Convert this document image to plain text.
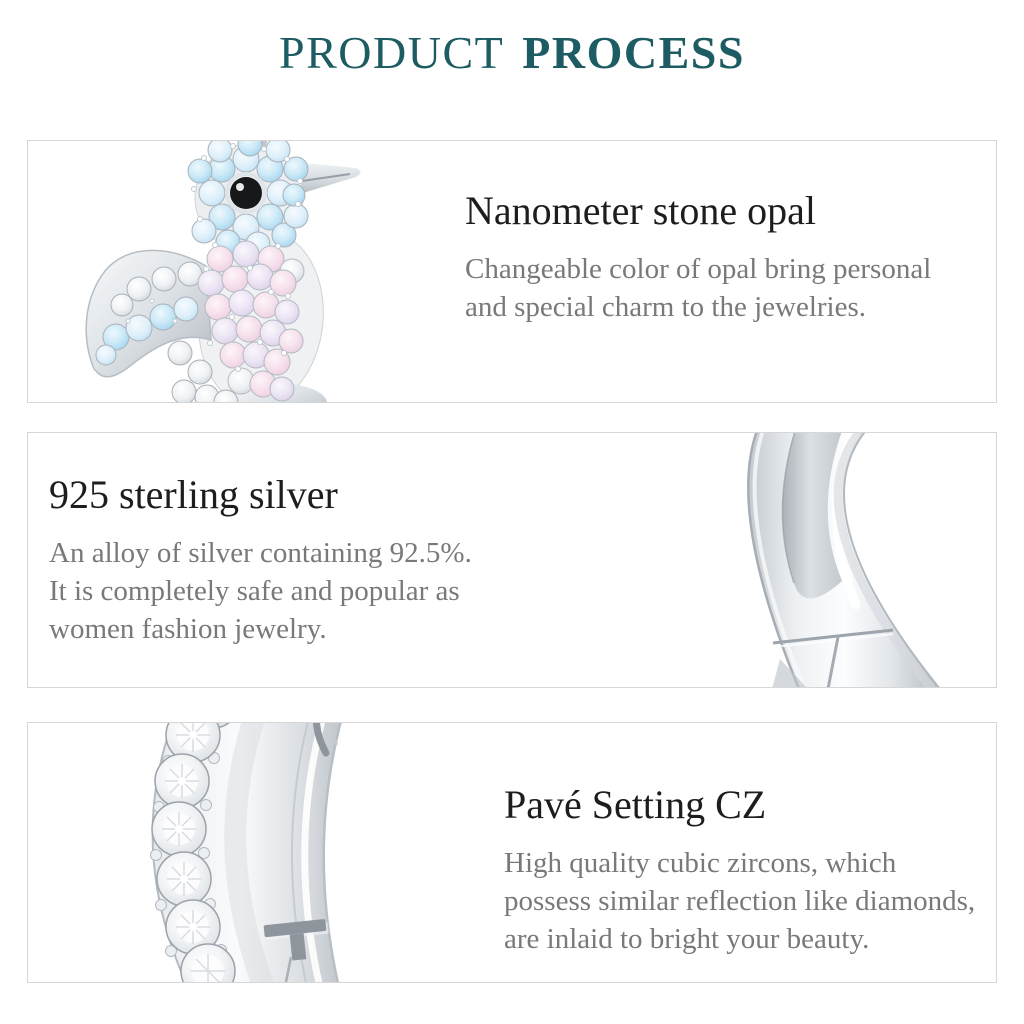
PRODUCT PROCESS
Nanometer stone opal
Changeable color of opal bring personal
and special charm to the jewelries.
925 sterling silver
An alloy of silver containing 92.5%.
It is completely safe and popular as
women fashion jewelry.
Pavé Setting CZ
High quality cubic zircons, which
possess similar reflection like diamonds,
are inlaid to bright your beauty.
